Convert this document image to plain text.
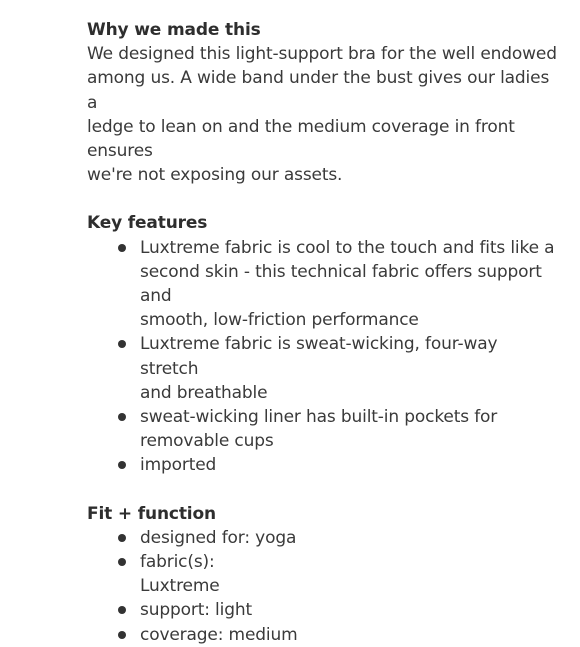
Why we made this

We designed this light-support bra for the well endowed
among us. A wide band under the bust gives our ladies a
ledge to lean on and the medium coverage in front ensures
we're not exposing our assets.

Key features

Luxtreme fabric is cool to the touch and fits like a
second skin - this technical fabric offers support and
smooth, low-friction performance
Luxtreme fabric is sweat-wicking, four-way stretch
and breathable
sweat-wicking liner has built-in pockets for
removable cups
imported

Fit + function

designed for: yoga
fabric(s):
Luxtreme
support: light
coverage: medium
